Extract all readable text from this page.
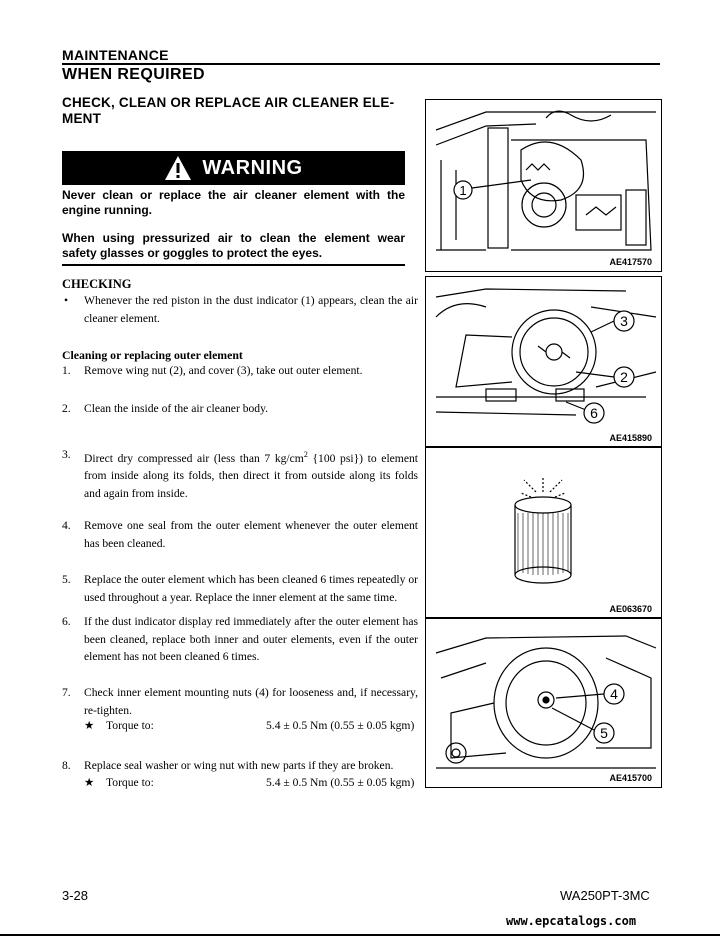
MAINTENANCE
WHEN REQUIRED
CHECK, CLEAN OR REPLACE AIR CLEANER ELE-
MENT
WARNING
Never clean or replace the air cleaner element with the engine running.
When using pressurized air to clean the element wear safety glasses or goggles to protect the eyes.
CHECKING
• Whenever the red piston in the dust indicator (1) appears, clean the air cleaner element.
Cleaning or replacing outer element
1.	Remove wing nut (2), and cover (3), take out outer element.
2.	Clean the inside of the air cleaner body.
3.	Direct dry compressed air (less than 7 $kg/cm^2$ {100 psi}) to element from inside along its folds, then direct it from outside along its folds and again from inside.
4.	Remove one seal from the outer element whenever the outer element has been cleaned.
5.	Replace the outer element which has been cleaned 6 times repeatedly or used throughout a year. Replace the inner element at the same time.
6.	If the dust indicator display red immediately after the outer element has been cleaned, replace both inner and outer elements, even if the outer element has not been cleaned 6 times.
7.	Check inner element mounting nuts (4) for looseness and, if necessary, re-tighten.
★ Torque to:	5.4 ± 0.5 Nm (0.55 ± 0.05 kgm)
8.	Replace seal washer or wing nut with new parts if they are broken.
★ Torque to:	5.4 ± 0.5 Nm (0.55 ± 0.05 kgm)
1
AE417570
3
2
6
AE415890
AE063670
4
5
AE415700
3-28	WA250PT-3MC
www.epcatalogs.com
